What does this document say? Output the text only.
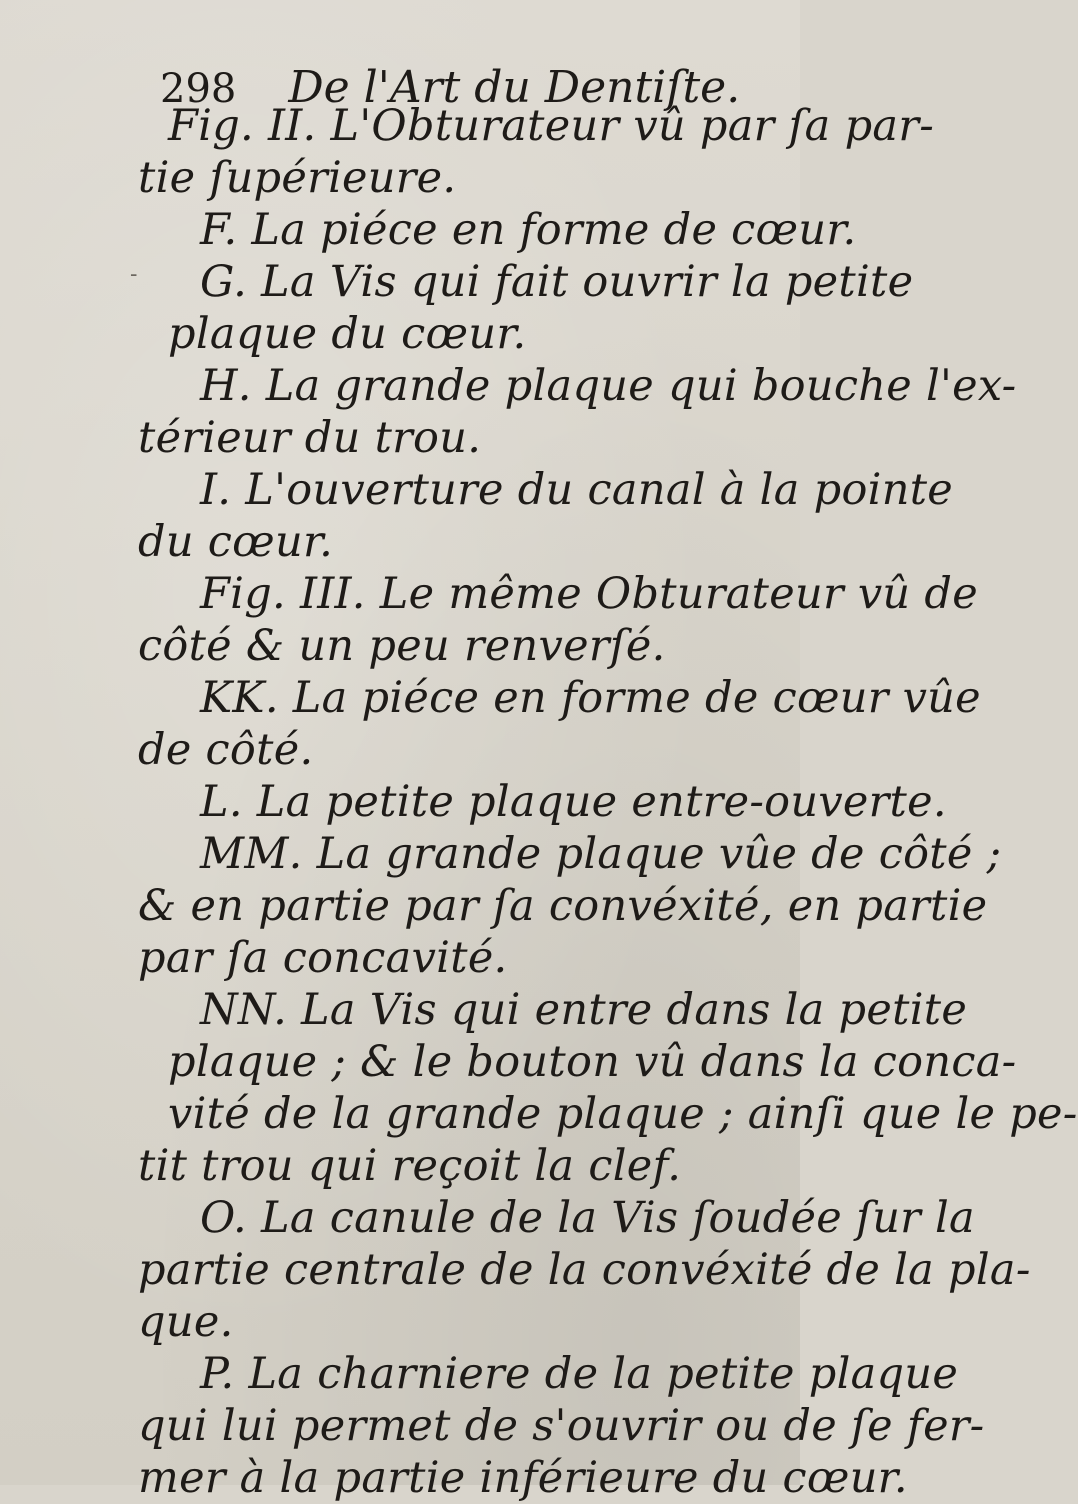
298 De l'Art du Dentiſte.
-
Fig. II. L'Obturateur vû par ſa par-
tie ſupérieure.
F. La piéce en forme de cœur.
G. La Vis qui fait ouvrir la petite
plaque du cœur.
H. La grande plaque qui bouche l'ex-
térieur du trou.
I. L'ouverture du canal à la pointe
du cœur.
Fig. III. Le même Obturateur vû de
côté & un peu renverſé.
KK. La piéce en forme de cœur vûe
de côté.
L. La petite plaque entre-ouverte.
MM. La grande plaque vûe de côté ;
& en partie par ſa convéxité, en partie
par ſa concavité.
NN. La Vis qui entre dans la petite
plaque ; & le bouton vû dans la conca-
vité de la grande plaque ; ainſi que le pe-
tit trou qui reçoit la clef.
O. La canule de la Vis ſoudée ſur la
partie centrale de la convéxité de la pla-
que.
P. La charniere de la petite plaque
qui lui permet de s'ouvrir ou de ſe fer-
mer à la partie inférieure du cœur.
